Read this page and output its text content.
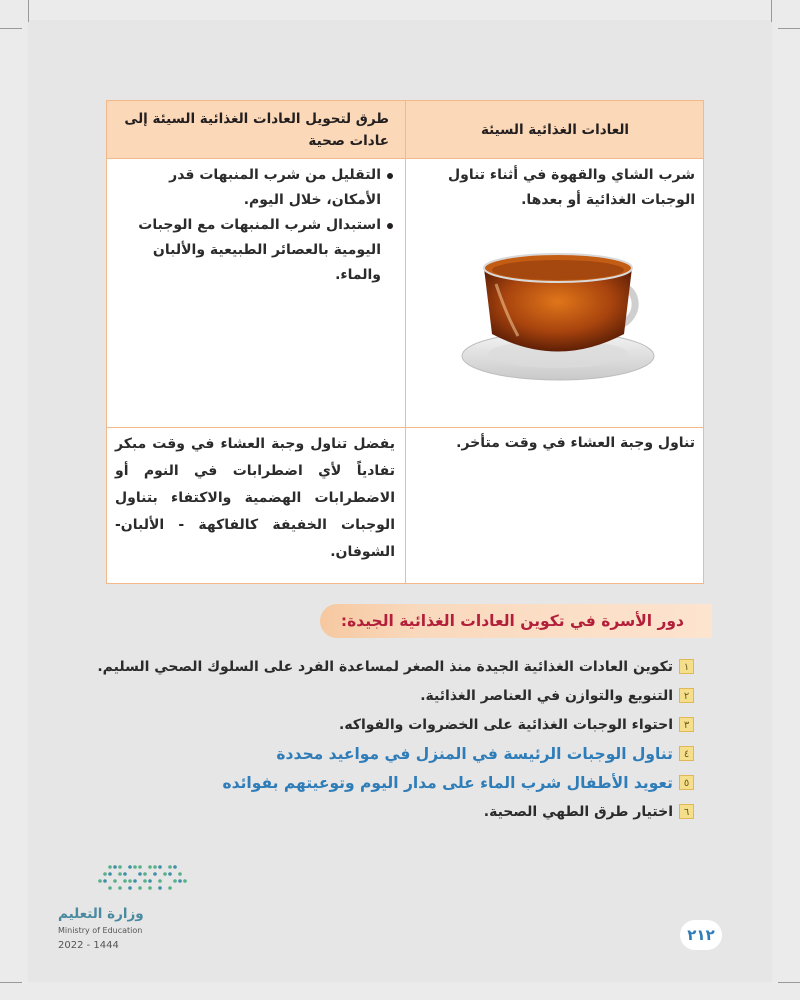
العادات الغذائية السيئة
طرق لتحويل العادات الغذائية السيئة إلى عادات صحية
شرب الشاي والقهوة في أثناء تناول الوجبات الغذائية أو بعدها.
التقليل من شرب المنبهات قدر الأمكان، خلال اليوم.
استبدال شرب المنبهات مع الوجبات اليومية بالعصائر الطبيعية والألبان والماء.
تناول وجبة العشاء في وقت متأخر.
يفضل تناول وجبة العشاء في وقت مبكر تفادياً لأي اضطرابات في النوم أو الاضطرابات الهضمية والاكتفاء بتناول الوجبات الخفيفة كالفاكهة - الألبان- الشوفان.
دور الأسرة في تكوين العادات الغذائية الجيدة:
١
تكوين العادات الغذائية الجيدة منذ الصغر لمساعدة الفرد على السلوك الصحي السليم.
٢
التنويع والتوازن في العناصر الغذائية.
٣
احتواء الوجبات الغذائية على الخضروات والفواكه.
٤
تناول الوجبات الرئيسة في المنزل في مواعيد محددة
٥
تعويد الأطفال شرب الماء على مدار اليوم وتوعيتهم بفوائده
٦
اختيار طرق الطهي الصحية.
وزارة التعليم
Ministry of Education
2022 - 1444
٢١٢
